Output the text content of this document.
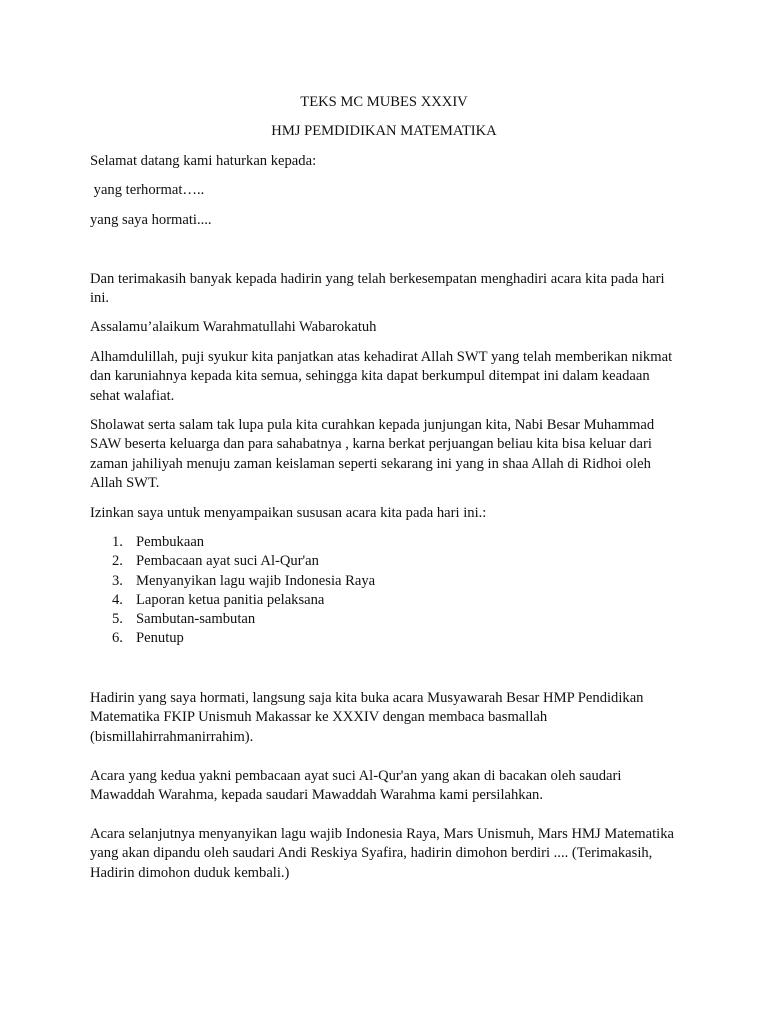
TEKS MC MUBES XXXIV

HMJ PEMDIDIKAN MATEMATIKA

Selamat datang kami haturkan kepada:

yang terhormat…..

yang saya hormati....

Dan terimakasih banyak kepada hadirin yang telah berkesempatan menghadiri acara kita pada hari ini.

Assalamu’alaikum Warahmatullahi Wabarokatuh

Alhamdulillah, puji syukur kita panjatkan atas kehadirat Allah SWT yang telah memberikan nikmat dan karuniahnya kepada kita semua, sehingga kita dapat berkumpul ditempat ini dalam keadaan sehat walafiat.

Sholawat serta salam tak lupa pula kita curahkan kepada junjungan kita, Nabi Besar Muhammad SAW beserta keluarga dan para sahabatnya , karna berkat perjuangan beliau kita bisa keluar dari zaman jahiliyah menuju zaman keislaman seperti sekarang ini yang in shaa Allah di Ridhoi oleh Allah SWT.

Izinkan saya untuk menyampaikan sususan acara kita pada hari ini.:

1. Pembukaan
2. Pembacaan ayat suci Al-Qur'an
3. Menyanyikan lagu wajib Indonesia Raya
4. Laporan ketua panitia pelaksana
5. Sambutan-sambutan
6. Penutup

Hadirin yang saya hormati, langsung saja kita buka acara Musyawarah Besar HMP Pendidikan Matematika FKIP Unismuh Makassar ke XXXIV dengan membaca basmallah (bismillahirrahmanirrahim).

Acara yang kedua yakni pembacaan ayat suci Al-Qur'an yang akan di bacakan oleh saudari Mawaddah Warahma, kepada saudari Mawaddah Warahma kami persilahkan.

Acara selanjutnya menyanyikan lagu wajib Indonesia Raya, Mars Unismuh, Mars HMJ Matematika yang akan dipandu oleh saudari Andi Reskiya Syafira, hadirin dimohon berdiri .... (Terimakasih, Hadirin dimohon duduk kembali.)
